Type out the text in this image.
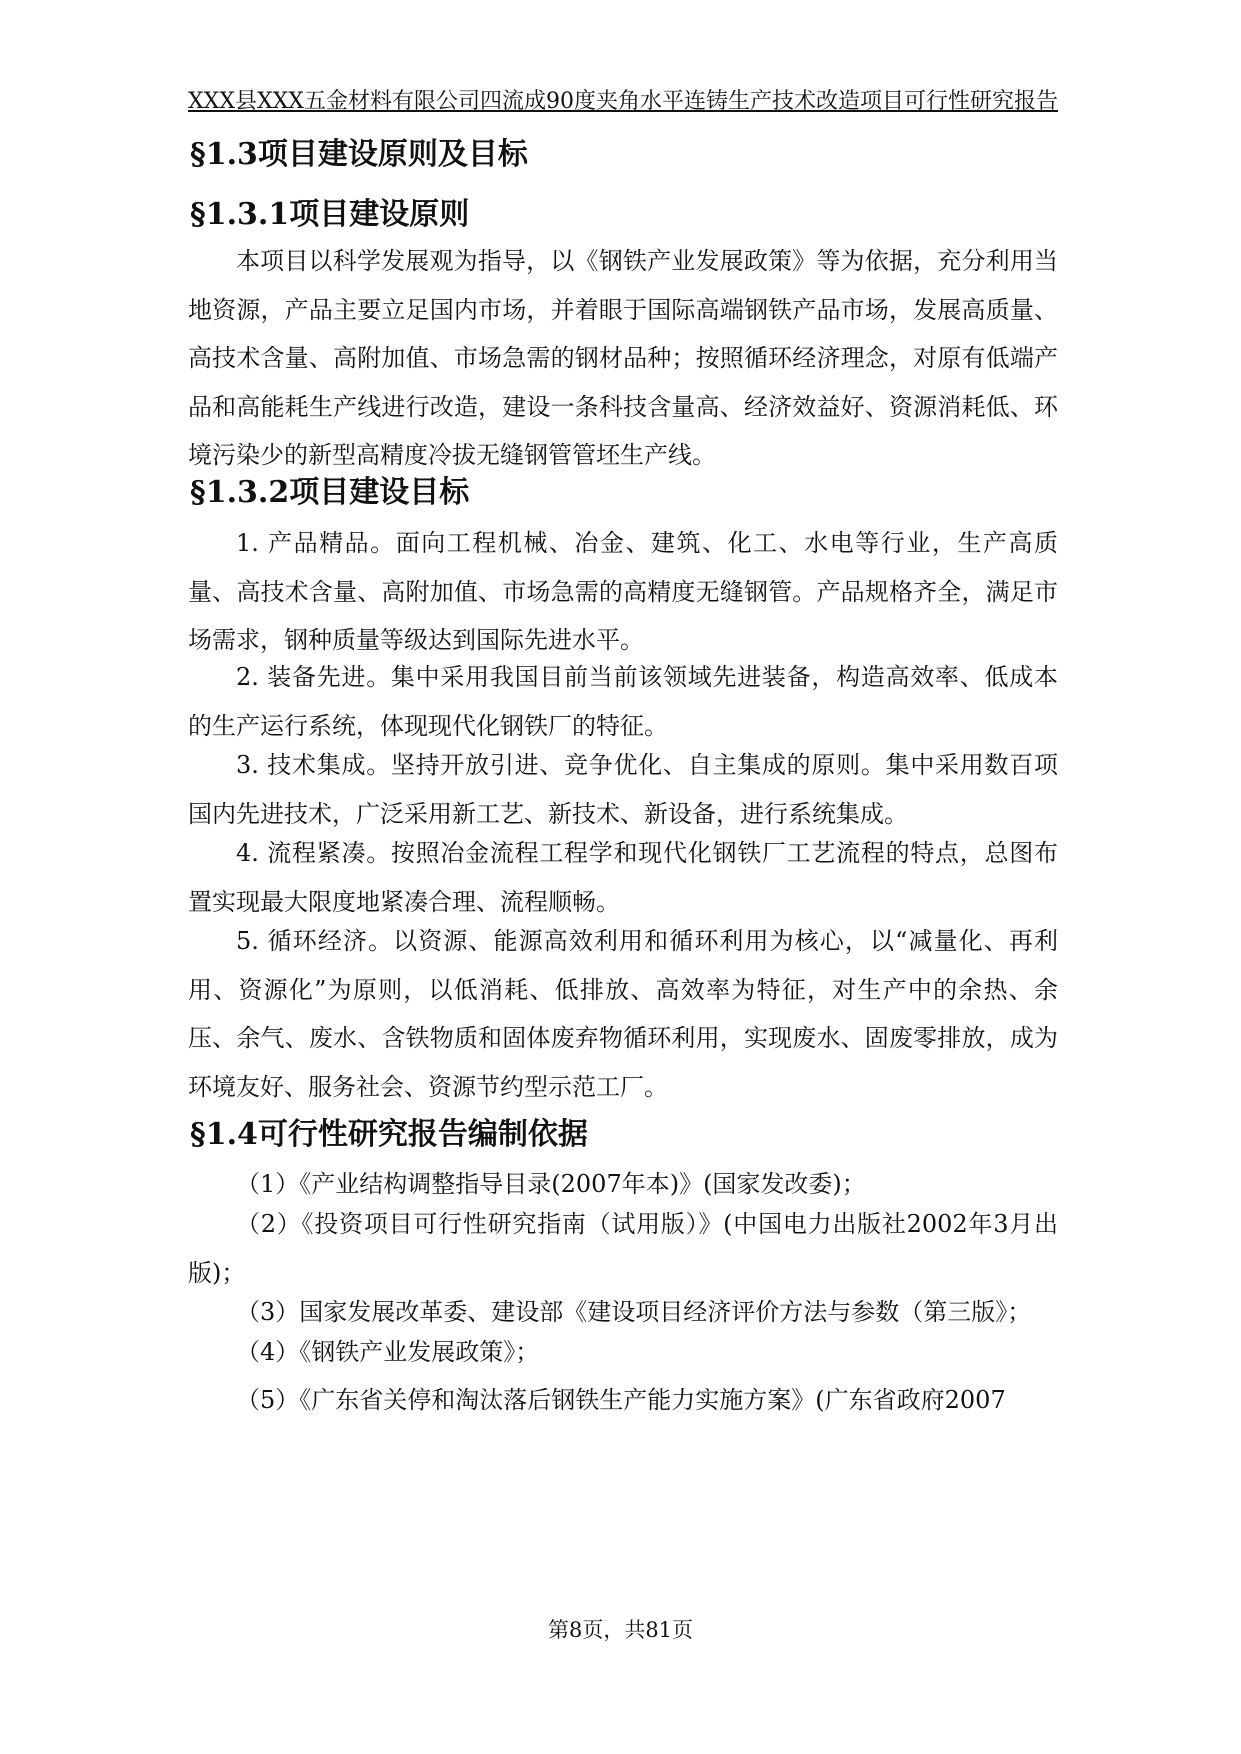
XXX县XXX五金材料有限公司四流成90度夹角水平连铸生产技术改造项目可行性研究报告
§1.3项目建设原则及目标
§1.3.1项目建设原则
本项目以科学发展观为指导，以《钢铁产业发展政策》等为依据，充分利用当地资源，产品主要立足国内市场，并着眼于国际高端钢铁产品市场，发展高质量、高技术含量、高附加值、市场急需的钢材品种；按照循环经济理念，对原有低端产品和高能耗生产线进行改造，建设一条科技含量高、经济效益好、资源消耗低、环境污染少的新型高精度冷拔无缝钢管管坯生产线。
§1.3.2项目建设目标
1. 产品精品。面向工程机械、冶金、建筑、化工、水电等行业，生产高质量、高技术含量、高附加值、市场急需的高精度无缝钢管。产品规格齐全，满足市场需求，钢种质量等级达到国际先进水平。
2. 装备先进。集中采用我国目前当前该领域先进装备，构造高效率、低成本的生产运行系统，体现现代化钢铁厂的特征。
3. 技术集成。坚持开放引进、竞争优化、自主集成的原则。集中采用数百项国内先进技术，广泛采用新工艺、新技术、新设备，进行系统集成。
4. 流程紧凑。按照冶金流程工程学和现代化钢铁厂工艺流程的特点，总图布置实现最大限度地紧凑合理、流程顺畅。
5. 循环经济。以资源、能源高效利用和循环利用为核心，以“减量化、再利用、资源化”为原则，以低消耗、低排放、高效率为特征，对生产中的余热、余压、余气、废水、含铁物质和固体废弃物循环利用，实现废水、固废零排放，成为环境友好、服务社会、资源节约型示范工厂。
§1.4可行性研究报告编制依据
（1）《产业结构调整指导目录(2007年本)》(国家发改委)；
（2）《投资项目可行性研究指南（试用版）》(中国电力出版社2002年3月出版)；
（3）国家发展改革委、建设部《建设项目经济评价方法与参数（第三版》；
（4）《钢铁产业发展政策》；
（5）《广东省关停和淘汰落后钢铁生产能力实施方案》(广东省政府2007
第8页，共81页
